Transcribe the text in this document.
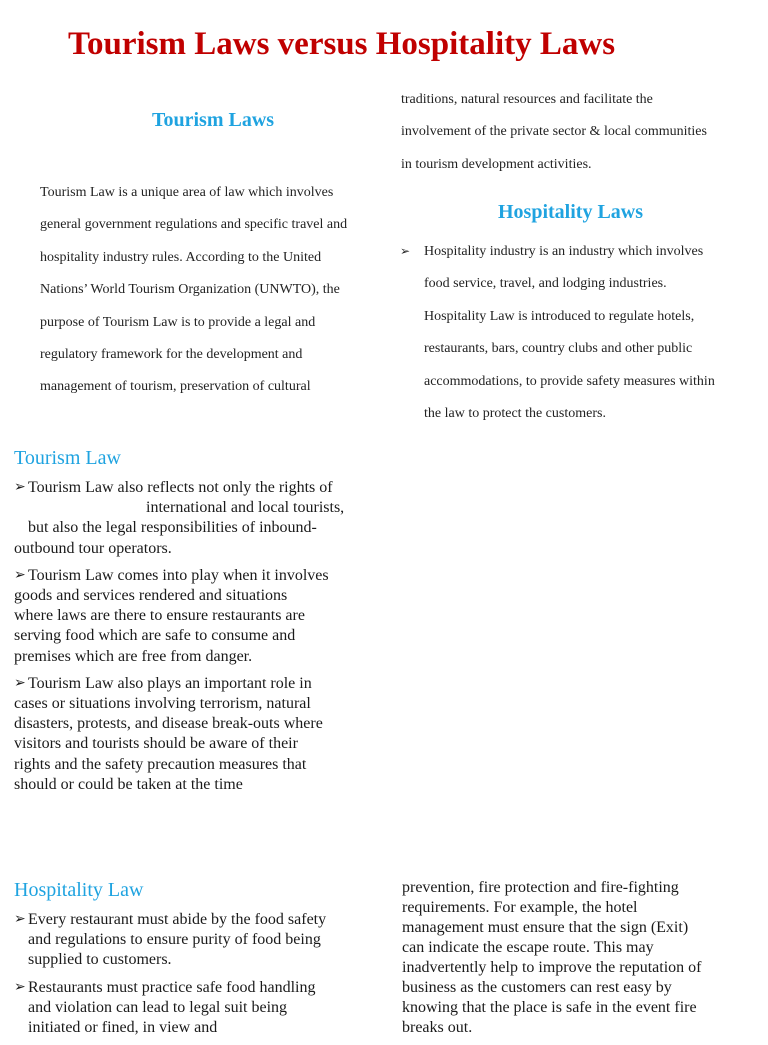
Tourism Laws versus Hospitality Laws
Tourism Laws
Tourism Law is a unique area of law which involves
general government regulations and specific travel and
hospitality industry rules. According to the United
Nations’ World Tourism Organization (UNWTO), the
purpose of Tourism Law is to provide a legal and
regulatory framework for the development and
management of tourism, preservation of cultural
traditions, natural resources and facilitate the
involvement of the private sector & local communities
in tourism development activities.
Hospitality Laws
➢ Hospitality industry is an industry which involves
food service, travel, and lodging industries.
Hospitality Law is introduced to regulate hotels,
restaurants, bars, country clubs and other public
accommodations, to provide safety measures within
the law to protect the customers.
Tourism Law
➢ Tourism Law also reflects not only the rights of
international and local tourists,
but also the legal responsibilities of inbound-
outbound tour operators.
➢ Tourism Law comes into play when it involves
goods and services rendered and situations
where laws are there to ensure restaurants are
serving food which are safe to consume and
premises which are free from danger.
➢ Tourism Law also plays an important role in
cases or situations involving terrorism, natural
disasters, protests, and disease break-outs where
visitors and tourists should be aware of their
rights and the safety precaution measures that
should or could be taken at the time
Hospitality Law
➢ Every restaurant must abide by the food safety
and regulations to ensure purity of food being
supplied to customers.
➢ Restaurants must practice safe food handling
and violation can lead to legal suit being
initiated or fined, in view and
prevention, fire protection and fire-fighting
requirements. For example, the hotel
management must ensure that the sign (Exit)
can indicate the escape route. This may
inadvertently help to improve the reputation of
business as the customers can rest easy by
knowing that the place is safe in the event fire
breaks out.
